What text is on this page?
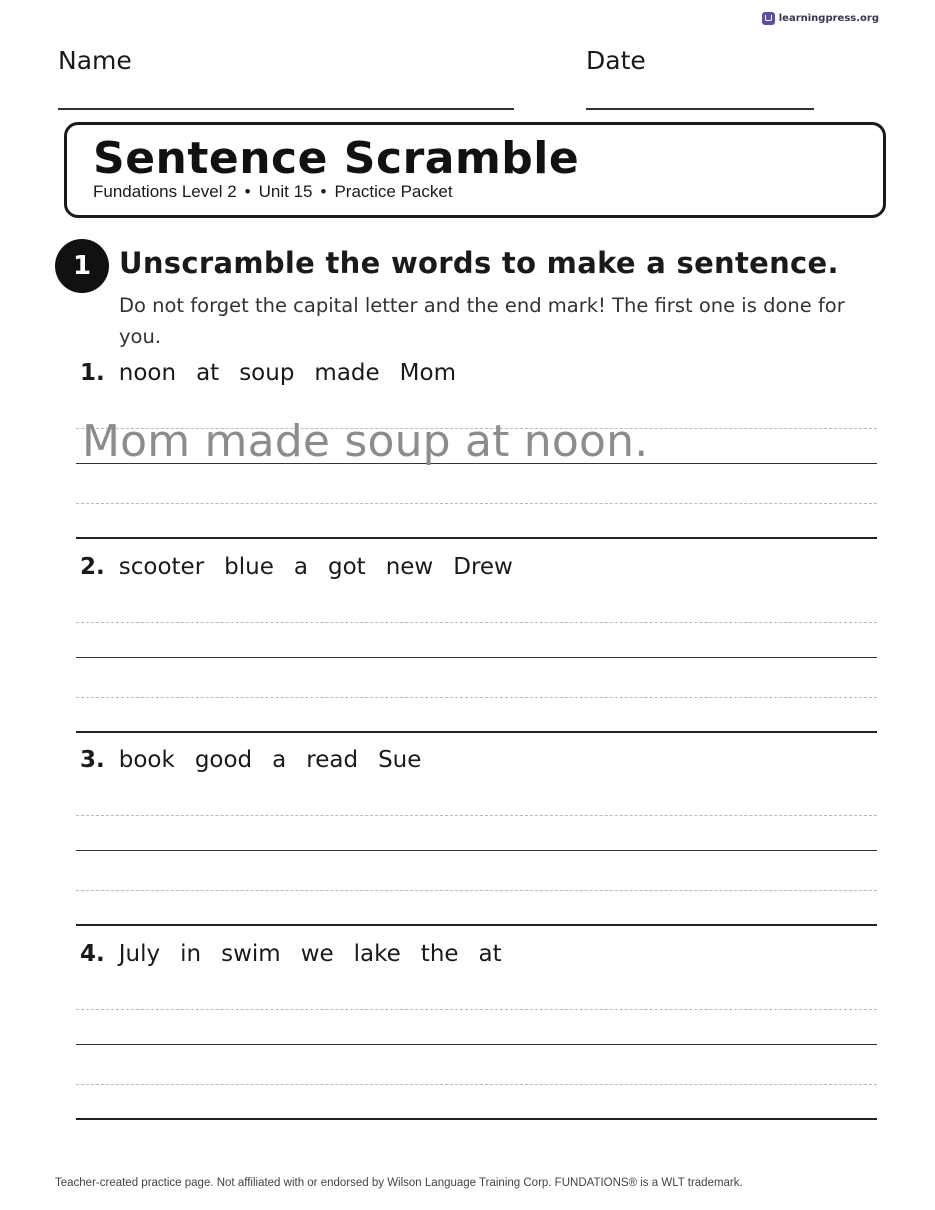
learningpress.org
Name	Date
Sentence Scramble
Fundations Level 2 • Unit 15 • Practice Packet
1 Unscramble the words to make a sentence.
Do not forget the capital letter and the end mark! The first one is done for you.
1. noon at soup made Mom
Mom made soup at noon.
2. scooter blue a got new Drew
3. book good a read Sue
4. July in swim we lake the at
Teacher-created practice page. Not affiliated with or endorsed by Wilson Language Training Corp. FUNDATIONS® is a WLT trademark.
